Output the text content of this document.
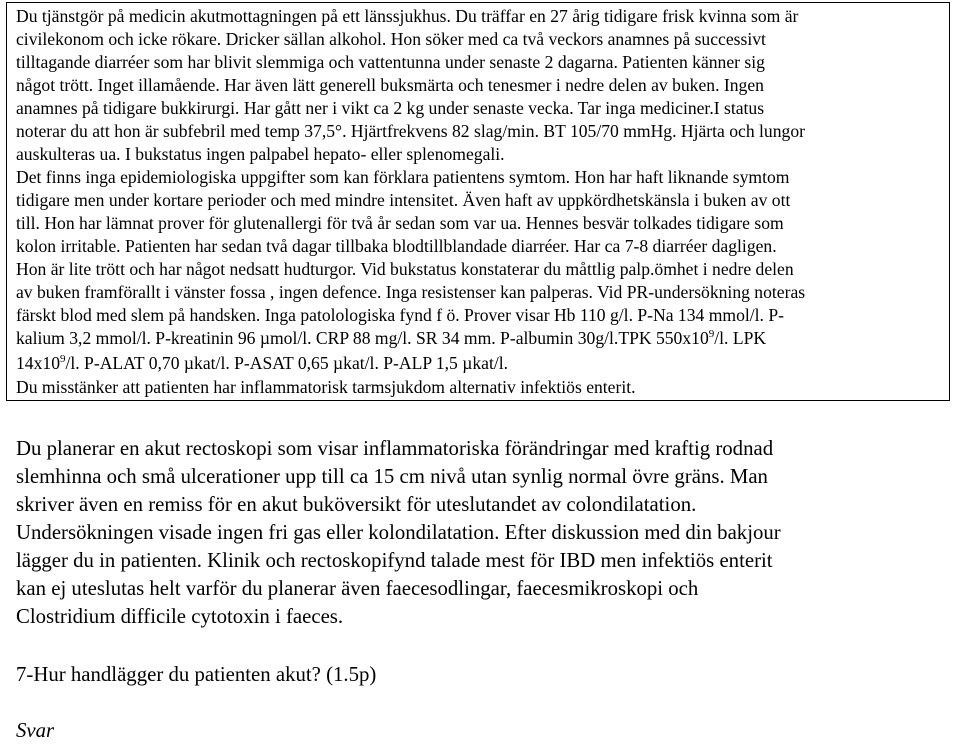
Du tjänstgör på medicin akutmottagningen på ett länssjukhus. Du träffar en 27 årig tidigare frisk kvinna som är
civilekonom och icke rökare. Dricker sällan alkohol. Hon söker med ca två veckors anamnes på successivt
tilltagande diarréer som har blivit slemmiga och vattentunna under senaste 2 dagarna. Patienten känner sig
något trött. Inget illamående. Har även lätt generell buksmärta och tenesmer i nedre delen av buken. Ingen
anamnes på tidigare bukkirurgi. Har gått ner i vikt ca 2 kg under senaste vecka. Tar inga mediciner.I status
noterar du att hon är subfebril med temp 37,5°. Hjärtfrekvens 82 slag/min. BT 105/70 mmHg. Hjärta och lungor
auskulteras ua. I bukstatus ingen palpabel hepato- eller splenomegali.
Det finns inga epidemiologiska uppgifter som kan förklara patientens symtom. Hon har haft liknande symtom
tidigare men under kortare perioder och med mindre intensitet. Även haft av uppkördhetskänsla i buken av ott
till. Hon har lämnat prover för glutenallergi för två år sedan som var ua. Hennes besvär tolkades tidigare som
kolon irritable. Patienten har sedan två dagar tillbaka blodtillblandade diarréer. Har ca 7-8 diarréer dagligen.
Hon är lite trött och har något nedsatt hudturgor. Vid bukstatus konstaterar du måttlig palp.ömhet i nedre delen
av buken framförallt i vänster fossa , ingen defence. Inga resistenser kan palperas. Vid PR-undersökning noteras
färskt blod med slem på handsken. Inga patolologiska fynd f ö. Prover visar Hb 110 g/l. P-Na 134 mmol/l. P-
kalium 3,2 mmol/l. P-kreatinin 96 µmol/l. CRP 88 mg/l. SR 34 mm. P-albumin 30g/l.TPK $550x10^9/l$. LPK
$14x10^9/l$. P-ALAT 0,70 µkat/l. P-ASAT 0,65 µkat/l. P-ALP 1,5 µkat/l.
Du misstänker att patienten har inflammatorisk tarmsjukdom alternativ infektiös enterit.
Du planerar en akut rectoskopi som visar inflammatoriska förändringar med kraftig rodnad
slemhinna och små ulcerationer upp till ca 15 cm nivå utan synlig normal övre gräns. Man
skriver även en remiss för en akut buköversikt för uteslutandet av colondilatation.
Undersökningen visade ingen fri gas eller kolondilatation. Efter diskussion med din bakjour
lägger du in patienten. Klinik och rectoskopifynd talade mest för IBD men infektiös enterit
kan ej uteslutas helt varför du planerar även faecesodlingar, faecesmikroskopi och
Clostridium difficile cytotoxin i faeces.
7-Hur handlägger du patienten akut? (1.5p)
Svar
